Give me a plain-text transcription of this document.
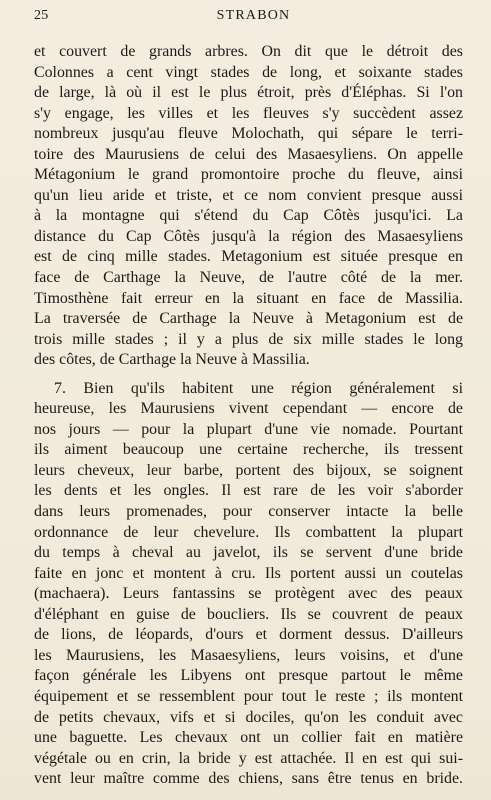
25	STRABON
et couvert de grands arbres. On dit que le détroit des
Colonnes a cent vingt stades de long, et soixante stades
de large, là où il est le plus étroit, près d'Éléphas. Si l'on
s'y engage, les villes et les fleuves s'y succèdent assez
nombreux jusqu'au fleuve Molochath, qui sépare le terri-
toire des Maurusiens de celui des Masaesyliens. On appelle
Métagonium le grand promontoire proche du fleuve, ainsi
qu'un lieu aride et triste, et ce nom convient presque aussi
à la montagne qui s'étend du Cap Côtès jusqu'ici. La
distance du Cap Côtès jusqu'à la région des Masaesyliens
est de cinq mille stades. Metagonium est située presque en
face de Carthage la Neuve, de l'autre côté de la mer.
Timosthène fait erreur en la situant en face de Massilia.
La traversée de Carthage la Neuve à Metagonium est de
trois mille stades ; il y a plus de six mille stades le long
des côtes, de Carthage la Neuve à Massilia.
7. Bien qu'ils habitent une région généralement si
heureuse, les Maurusiens vivent cependant — encore de
nos jours — pour la plupart d'une vie nomade. Pourtant
ils aiment beaucoup une certaine recherche, ils tressent
leurs cheveux, leur barbe, portent des bijoux, se soignent
les dents et les ongles. Il est rare de les voir s'aborder
dans leurs promenades, pour conserver intacte la belle
ordonnance de leur chevelure. Ils combattent la plupart
du temps à cheval au javelot, ils se servent d'une bride
faite en jonc et montent à cru. Ils portent aussi un coutelas
(machaera). Leurs fantassins se protègent avec des peaux
d'éléphant en guise de boucliers. Ils se couvrent de peaux
de lions, de léopards, d'ours et dorment dessus. D'ailleurs
les Maurusiens, les Masaesyliens, leurs voisins, et d'une
façon générale les Libyens ont presque partout le même
équipement et se ressemblent pour tout le reste ; ils montent
de petits chevaux, vifs et si dociles, qu'on les conduit avec
une baguette. Les chevaux ont un collier fait en matière
végétale ou en crin, la bride y est attachée. Il en est qui sui-
vent leur maître comme des chiens, sans être tenus en bride.
